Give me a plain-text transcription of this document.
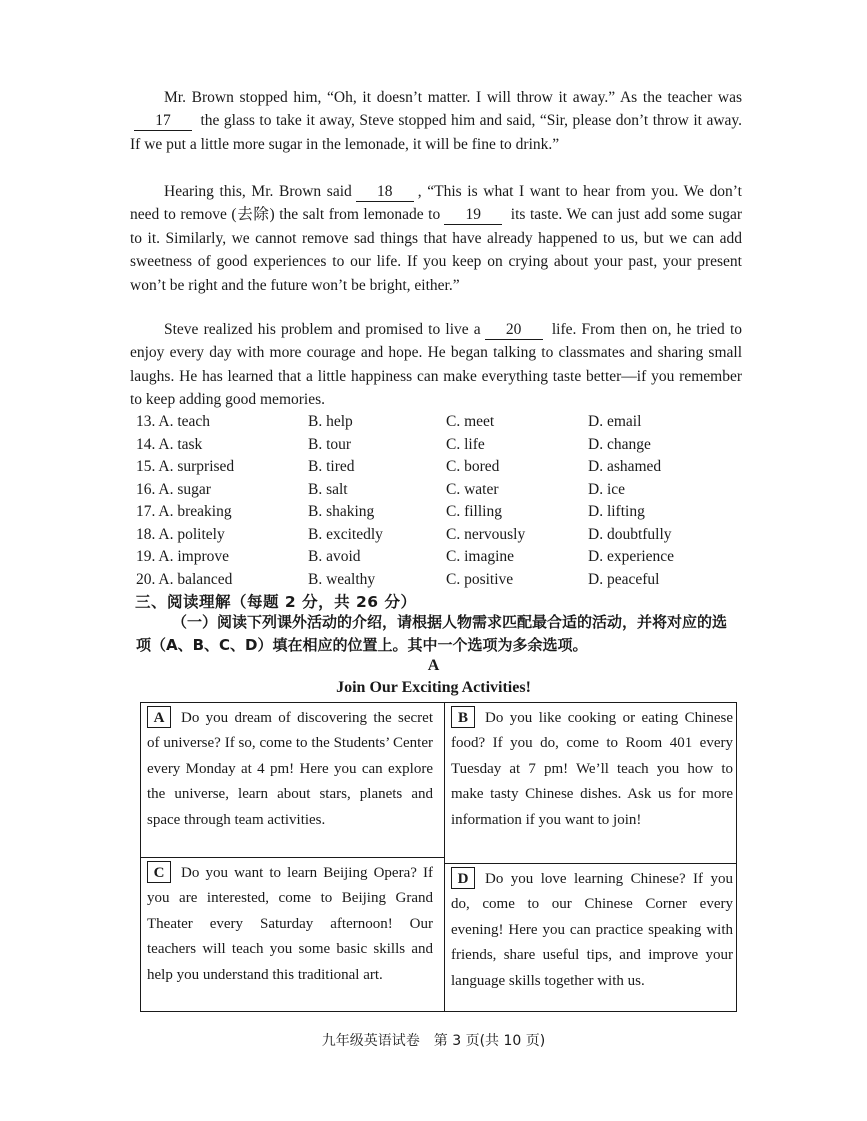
Mr. Brown stopped him, “Oh, it doesn’t matter. I will throw it away.” As the teacher was17 the glass to take it away, Steve stopped him and said, “Sir, please don’t throw it away. If we put a little more sugar in the lemonade, it will be fine to drink.”

Hearing this, Mr. Brown said 18 , “This is what I want to hear from you. We don’t need to remove (去除) the salt from lemonade to 19 its taste. We can just add some sugar to it. Similarly, we cannot remove sad things that have already happened to us, but we can add sweetness of good experiences to our life. If you keep on crying about your past, your present won’t be right and the future won’t be bright, either.”

Steve realized his problem and promised to live a 20 life. From then on, he tried to enjoy every day with more courage and hope. He began talking to classmates and sharing small laughs. He has learned that a little happiness can make everything taste better—if you remember to keep adding good memories.

13. A. teach	B. help	C. meet	D. email
14. A. task	B. tour	C. life	D. change
15. A. surprised	B. tired	C. bored	D. ashamed
16. A. sugar	B. salt	C. water	D. ice
17. A. breaking	B. shaking	C. filling	D. lifting
18. A. politely	B. excitedly	C. nervously	D. doubtfully
19. A. improve	B. avoid	C. imagine	D. experience
20. A. balanced	B. wealthy	C. positive	D. peaceful
三、阅读理解（每题 2 分，共 26 分）

（一）阅读下列课外活动的介绍，请根据人物需求匹配最合适的活动，并将对应的选项（A、B、C、D）填在相应的位置上。其中一个选项为多余选项。

A
Join Our Exciting Activities!
A Do you dream of discovering the secret of universe? If so, come to the Students’ Center every Monday at 4 pm! Here you can explore the universe, learn about stars, planets and space through team activities.
B Do you like cooking or eating Chinese food? If you do, come to Room 401 every Tuesday at 7 pm! We’ll teach you how to make tasty Chinese dishes. Ask us for more information if you want to join!
C Do you want to learn Beijing Opera? If you are interested, come to Beijing Grand Theater every Saturday afternoon! Our teachers will teach you some basic skills and help you understand this traditional art.
D Do you love learning Chinese? If you do, come to our Chinese Corner every evening! Here you can practice speaking with friends, share useful tips, and improve your language skills together with us.
九年级英语试卷　第 3 页(共 10 页)
